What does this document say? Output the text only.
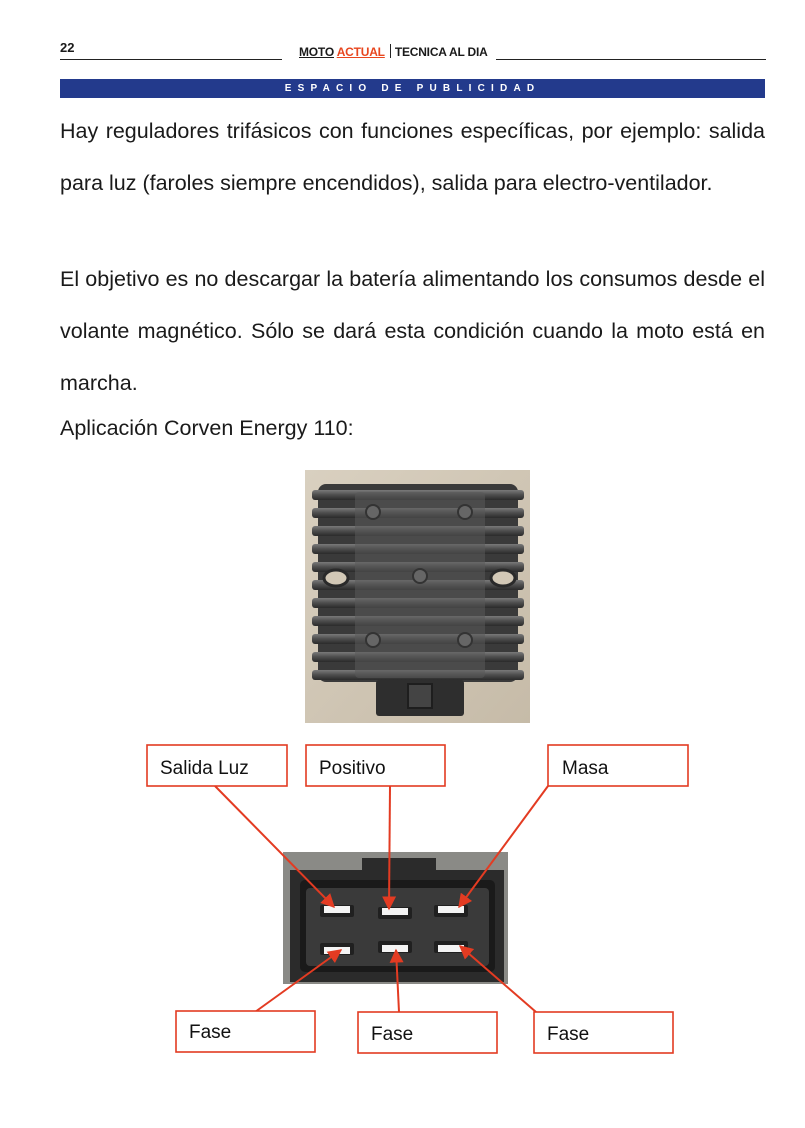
22	MOTO ACTUAL TECNICA AL DIA
ESPACIO DE PUBLICIDAD
Hay reguladores trifásicos con funciones específicas, por ejemplo: salida para luz (faroles siempre encendidos), salida para electro-ventilador.
El objetivo es no descargar la batería alimentando los consumos desde el volante magnético. Sólo se dará esta condición cuando la moto está en marcha.
Aplicación Corven Energy 110:
Salida Luz	Positivo	Masa
Fase	Fase	Fase
